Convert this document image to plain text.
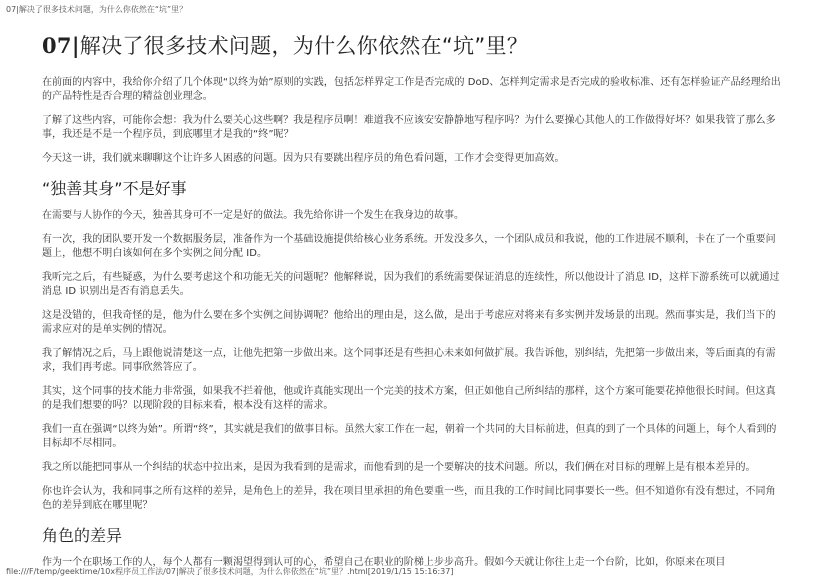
07|解决了很多技术问题，为什么你依然在“坑”里？
07|解决了很多技术问题，为什么你依然在“坑”里？

在前面的内容中，我给你介绍了几个体现“以终为始”原则的实践，包括怎样界定工作是否完成的 DoD、怎样判定需求是否完成的验收标准、还有怎样验证产品经理给出的产品特性是否合理的精益创业理念。

了解了这些内容，可能你会想：我为什么要关心这些啊？我是程序员啊！难道我不应该安安静静地写程序吗？为什么要操心其他人的工作做得好坏？如果我管了那么多事，我还是不是一个程序员，到底哪里才是我的“终”呢？

今天这一讲，我们就来聊聊这个让许多人困惑的问题。因为只有要跳出程序员的角色看问题，工作才会变得更加高效。

“独善其身”不是好事

在需要与人协作的今天，独善其身可不一定是好的做法。我先给你讲一个发生在我身边的故事。

有一次，我的团队要开发一个数据服务层，准备作为一个基础设施提供给核心业务系统。开发没多久，一个团队成员和我说，他的工作进展不顺利，卡在了一个重要问题上，他想不明白该如何在多个实例之间分配 ID。

我听完之后，有些疑惑，为什么要考虑这个和功能无关的问题呢？他解释说，因为我们的系统需要保证消息的连续性，所以他设计了消息 ID，这样下游系统可以就通过消息 ID 识别出是否有消息丢失。

这是没错的，但我奇怪的是，他为什么要在多个实例之间协调呢？他给出的理由是，这么做，是出于考虑应对将来有多实例并发场景的出现。然而事实是，我们当下的需求应对的是单实例的情况。

我了解情况之后，马上跟他说清楚这一点，让他先把第一步做出来。这个同事还是有些担心未来如何做扩展。我告诉他，别纠结，先把第一步做出来，等后面真的有需求，我们再考虑。同事欣然答应了。

其实，这个同事的技术能力非常强，如果我不拦着他，他或许真能实现出一个完美的技术方案，但正如他自己所纠结的那样，这个方案可能要花掉他很长时间。但这真的是我们想要的吗？以现阶段的目标来看，根本没有这样的需求。

我们一直在强调“以终为始”。所谓“终”，其实就是我们的做事目标。虽然大家工作在一起，朝着一个共同的大目标前进，但真的到了一个具体的问题上，每个人看到的目标却不尽相同。

我之所以能把同事从一个纠结的状态中拉出来，是因为我看到的是需求，而他看到的是一个要解决的技术问题。所以，我们俩在对目标的理解上是有根本差异的。

你也许会认为，我和同事之所有这样的差异，是角色上的差异，我在项目里承担的角色要重一些，而且我的工作时间比同事要长一些。但不知道你有没有想过，不同角色的差异到底在哪里呢？

角色的差异

作为一个在职场工作的人，每个人都有一颗渴望得到认可的心，希望自己在职业的阶梯上步步高升。假如今天就让你往上走一个台阶，比如，你原来在项目

file:///F/temp/geektime/10x程序员工作法/07|解决了很多技术问题，为什么你依然在“坑”里？.html[2019/1/15 15:16:37]
